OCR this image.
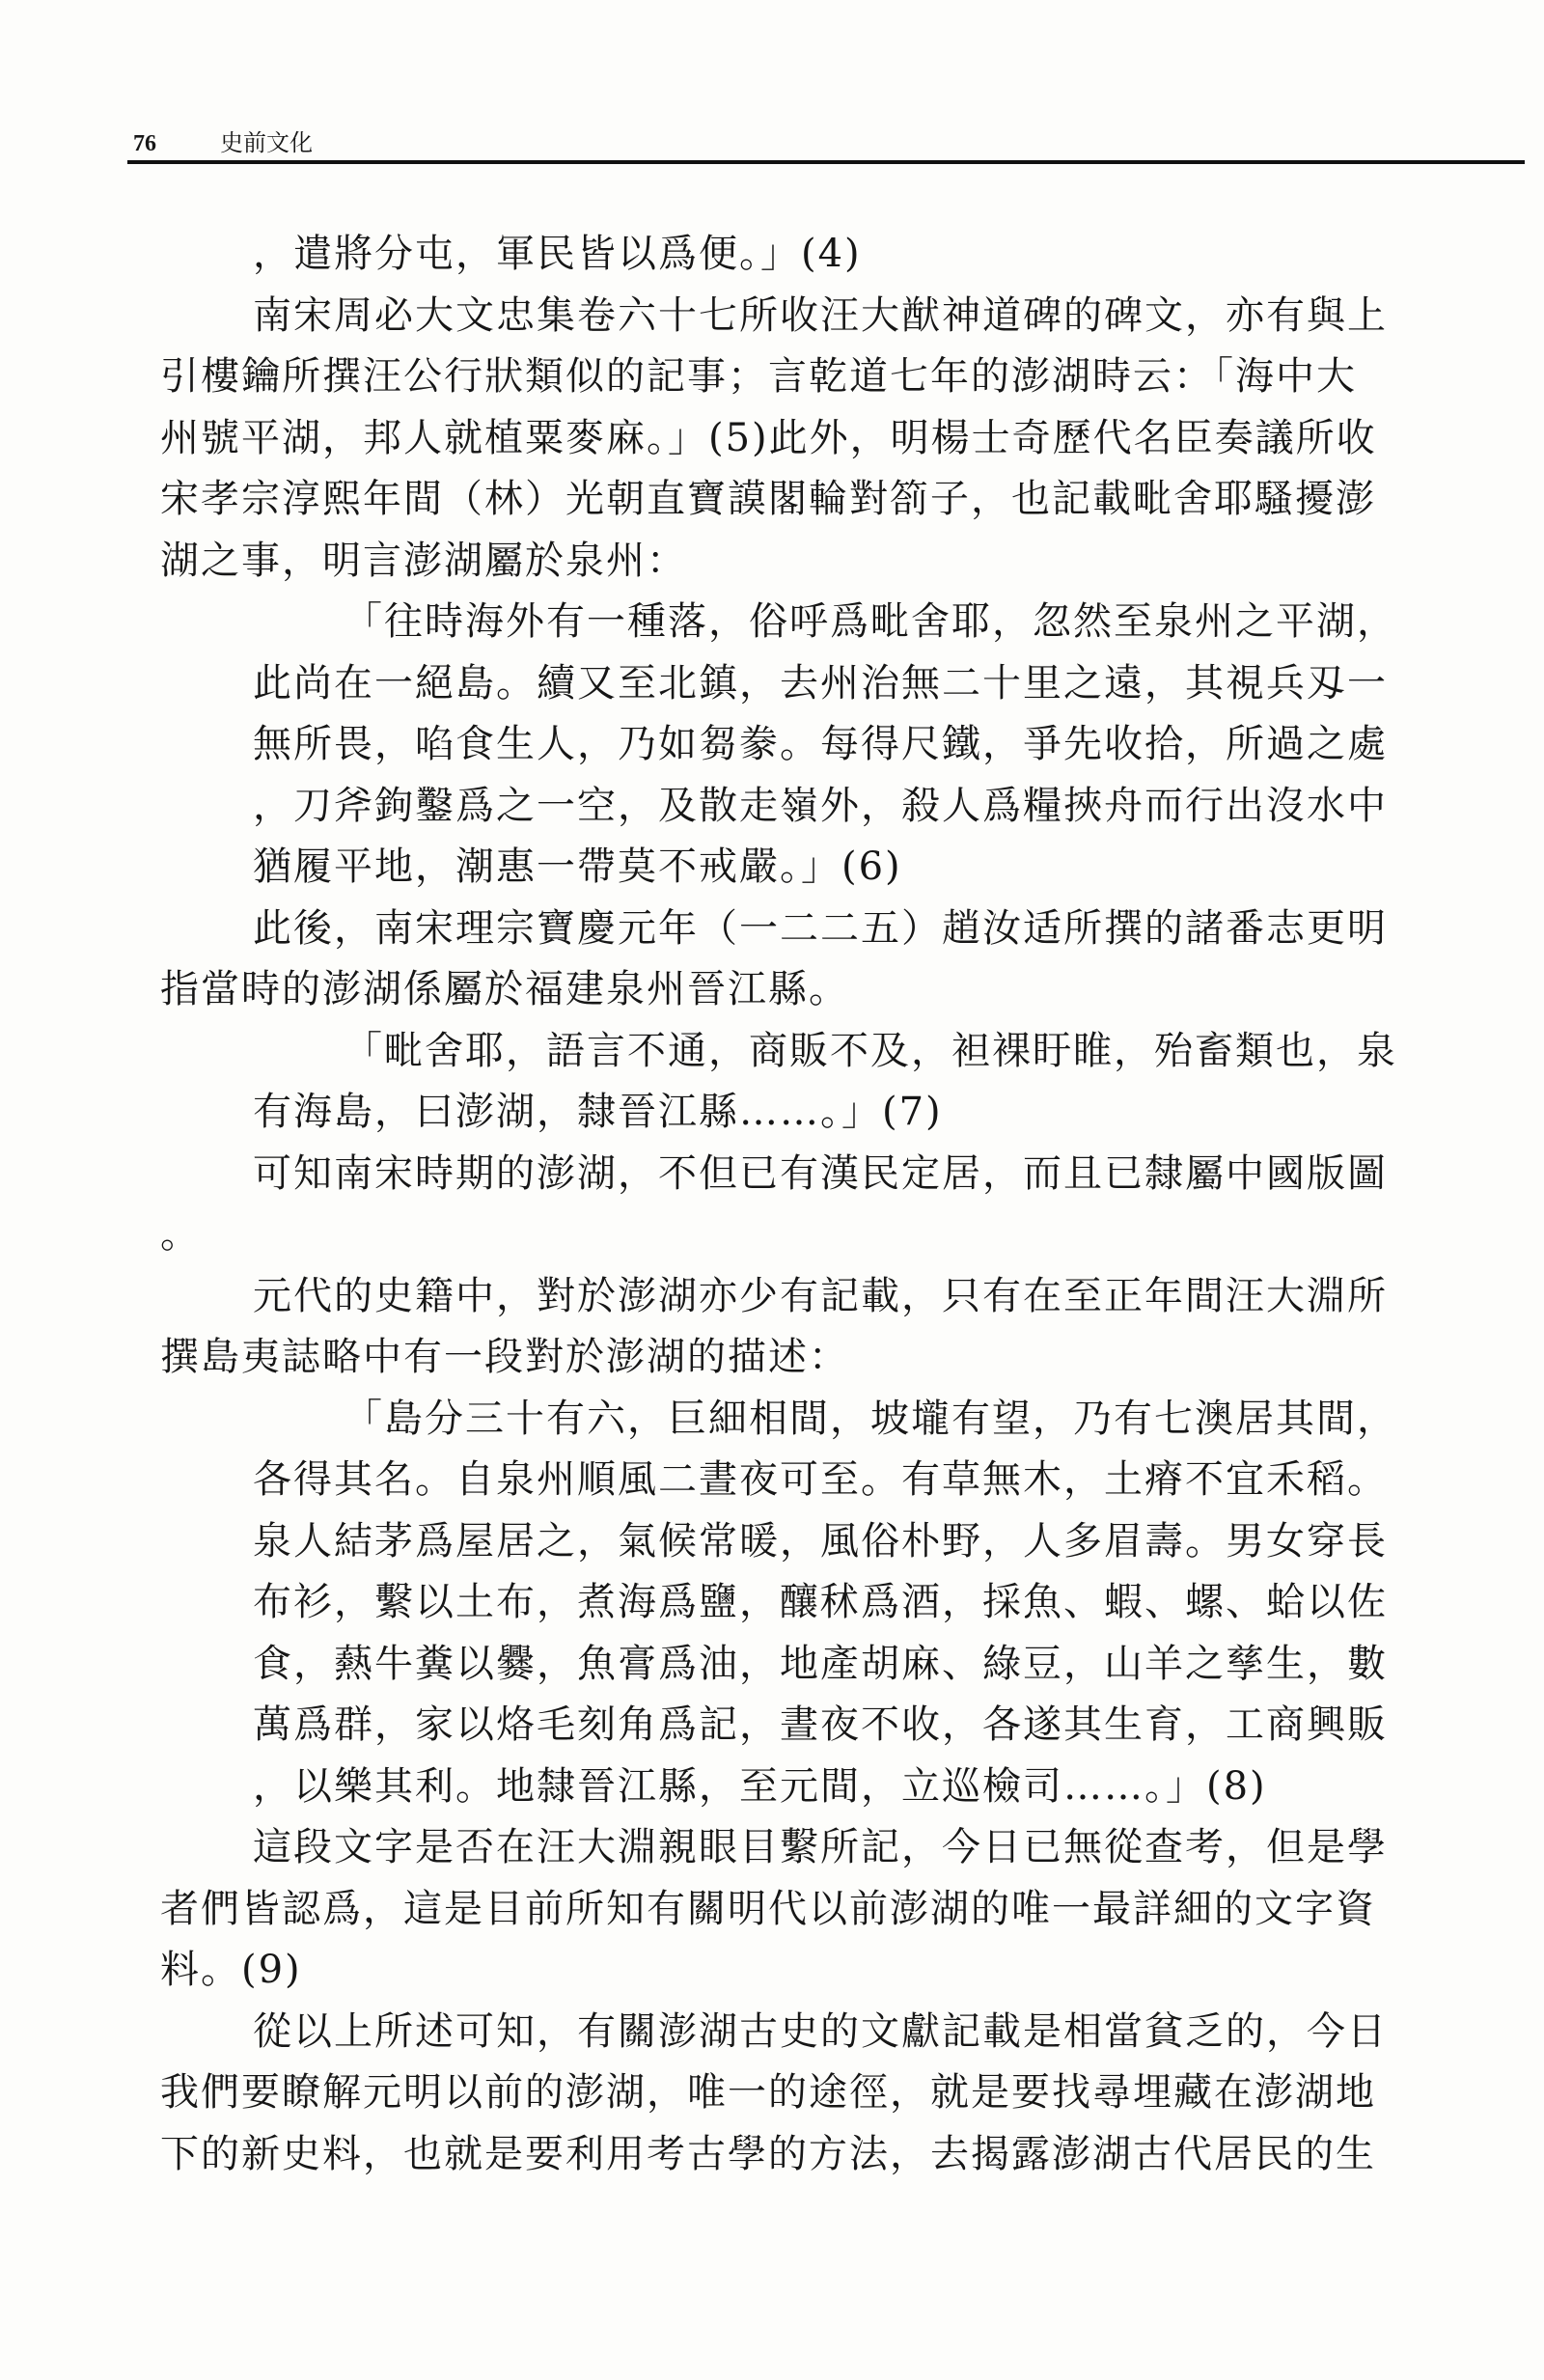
76	史前文化
，遣將分屯，軍民皆以爲便。」(4)
南宋周必大文忠集卷六十七所收汪大猷神道碑的碑文，亦有與上
引樓鑰所撰汪公行狀類似的記事；言乾道七年的澎湖時云：「海中大
州號平湖，邦人就植粟麥麻。」(5)此外，明楊士奇歷代名臣奏議所收
宋孝宗淳熙年間（林）光朝直寶謨閣輪對箚子，也記載毗舍耶騷擾澎
湖之事，明言澎湖屬於泉州：
「往時海外有一種落，俗呼爲毗舍耶，忽然至泉州之平湖，
此尚在一絕島。續又至北鎮，去州治無二十里之遠，其視兵刄一
無所畏，啗食生人，乃如芻豢。每得尺鐵，爭先收拾，所過之處
，刀斧鉤鑿爲之一空，及散走嶺外，殺人爲糧挾舟而行出沒水中
猶履平地，潮惠一帶莫不戒嚴。」(6)
此後，南宋理宗寶慶元年（一二二五）趙汝适所撰的諸番志更明
指當時的澎湖係屬於福建泉州晉江縣。
「毗舍耶，語言不通，商販不及，袒裸盱睢，殆畜類也，泉
有海島，曰澎湖，隸晉江縣……。」(7)
可知南宋時期的澎湖，不但已有漢民定居，而且已隸屬中國版圖
。
元代的史籍中，對於澎湖亦少有記載，只有在至正年間汪大淵所
撰島夷誌略中有一段對於澎湖的描述：
「島分三十有六，巨細相間，坡壠有望，乃有七澳居其間，
各得其名。自泉州順風二晝夜可至。有草無木，土瘠不宜禾稻。
泉人結茅爲屋居之，氣候常暖，風俗朴野，人多眉壽。男女穿長
布衫，繫以土布，煮海爲鹽，釀秫爲酒，採魚、蝦、螺、蛤以佐
食，爇牛糞以爨，魚膏爲油，地產胡麻、綠豆，山羊之孳生，數
萬爲群，家以烙毛刻角爲記，晝夜不收，各遂其生育，工商興販
，以樂其利。地隸晉江縣，至元間，立巡檢司……。」(8)
這段文字是否在汪大淵親眼目繫所記，今日已無從查考，但是學
者們皆認爲，這是目前所知有關明代以前澎湖的唯一最詳細的文字資
料。(9)
從以上所述可知，有關澎湖古史的文獻記載是相當貧乏的，今日
我們要瞭解元明以前的澎湖，唯一的途徑，就是要找尋埋藏在澎湖地
下的新史料，也就是要利用考古學的方法，去揭露澎湖古代居民的生
